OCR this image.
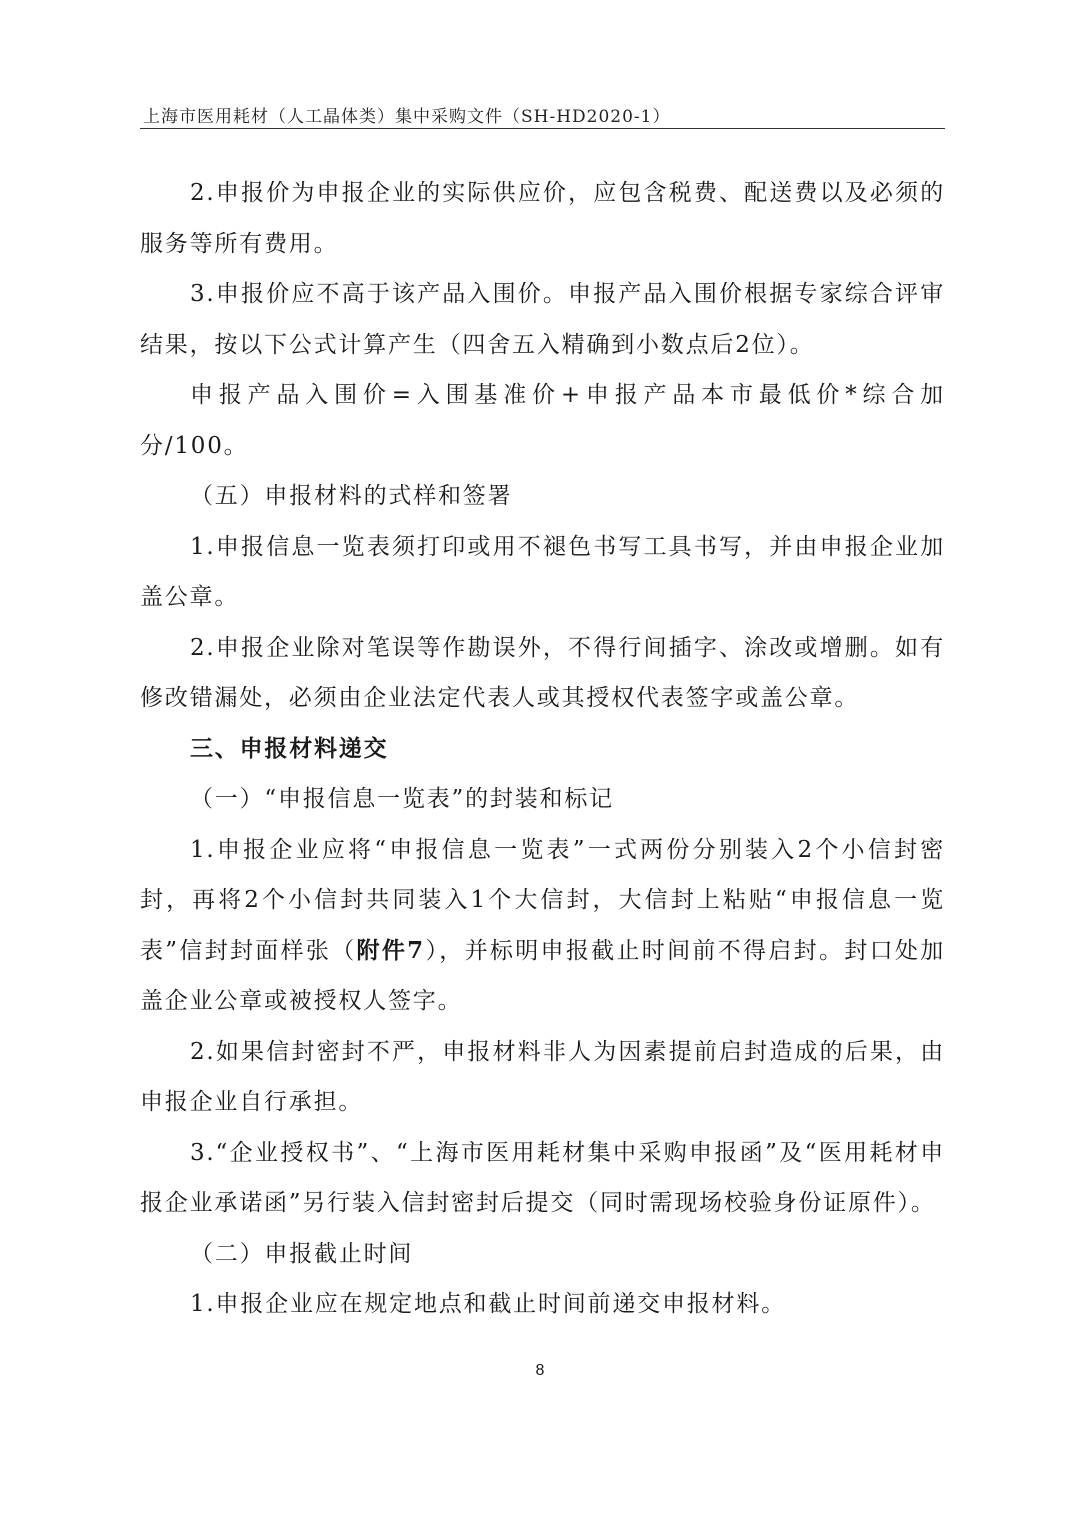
上海市医用耗材（人工晶体类）集中采购文件（SH-HD2020-1）

2.申报价为申报企业的实际供应价，应包含税费、配送费以及必须的服务等所有费用。

3.申报价应不高于该产品入围价。申报产品入围价根据专家综合评审结果，按以下公式计算产生（四舍五入精确到小数点后2位）。

申报产品入围价=入围基准价+申报产品本市最低价*综合加分/100。

（五）申报材料的式样和签署

1.申报信息一览表须打印或用不褪色书写工具书写，并由申报企业加盖公章。

2.申报企业除对笔误等作勘误外，不得行间插字、涂改或增删。如有修改错漏处，必须由企业法定代表人或其授权代表签字或盖公章。

三、申报材料递交

（一）“申报信息一览表”的封装和标记

1.申报企业应将“申报信息一览表”一式两份分别装入2个小信封密封，再将2个小信封共同装入1个大信封，大信封上粘贴“申报信息一览表”信封封面样张（附件7），并标明申报截止时间前不得启封。封口处加盖企业公章或被授权人签字。

2.如果信封密封不严，申报材料非人为因素提前启封造成的后果，由申报企业自行承担。

3.“企业授权书”、“上海市医用耗材集中采购申报函”及“医用耗材申报企业承诺函”另行装入信封密封后提交（同时需现场校验身份证原件）。

（二）申报截止时间

1.申报企业应在规定地点和截止时间前递交申报材料。

8
